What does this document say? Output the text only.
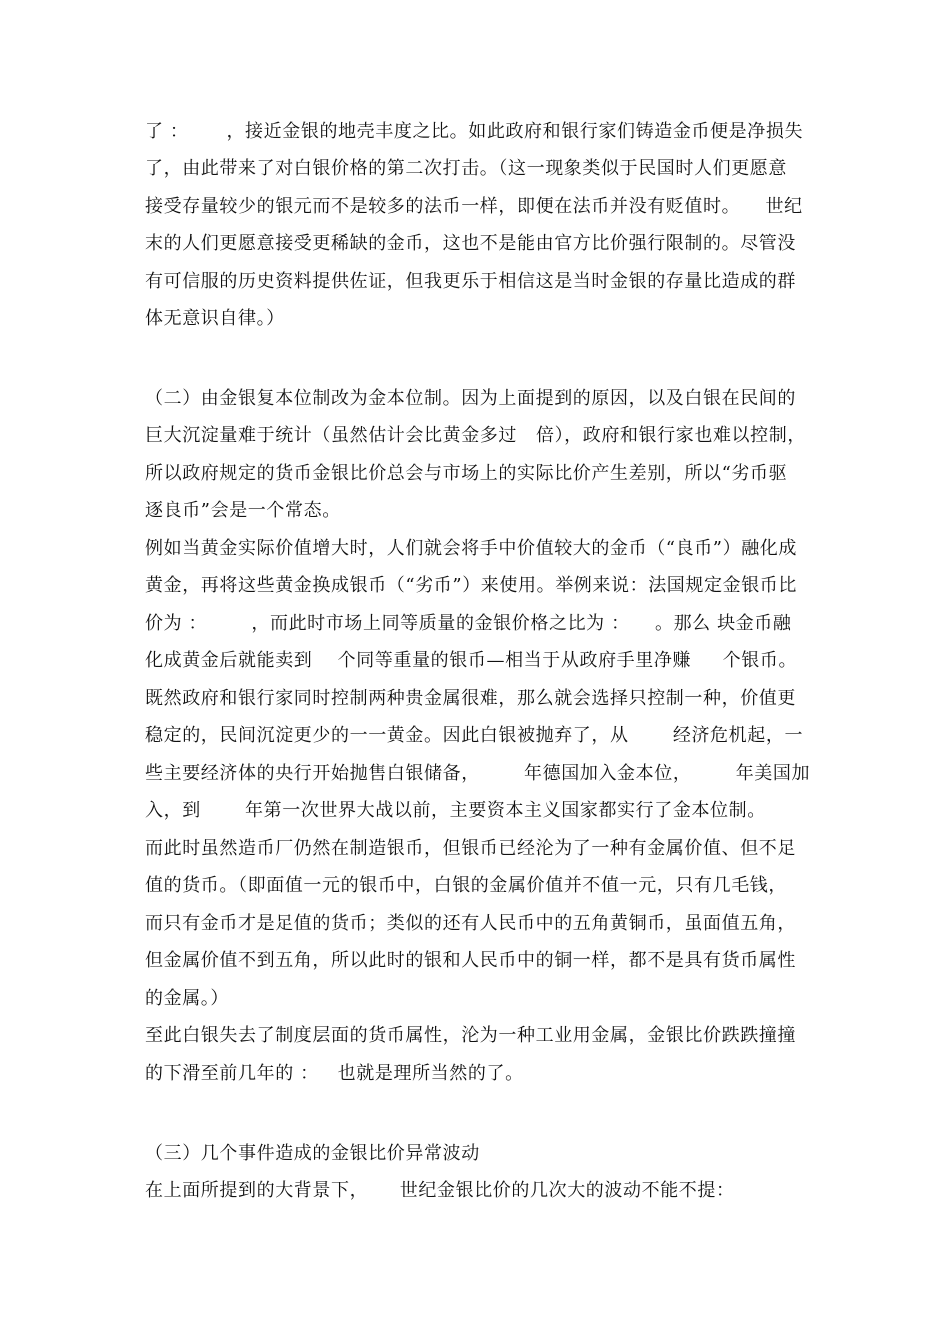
了 ：      ，接近金银的地壳丰度之比。如此政府和银行家们铸造金币便是净损失
了，由此带来了对白银价格的第二次打击。（这一现象类似于民国时人们更愿意
接受存量较少的银元而不是较多的法币一样，即便在法币并没有贬值时。    世纪
末的人们更愿意接受更稀缺的金币，这也不是能由官方比价强行限制的。尽管没
有可信服的历史资料提供佐证，但我更乐于相信这是当时金银的存量比造成的群
体无意识自律。）
（二）由金银复本位制改为金本位制。因为上面提到的原因，以及白银在民间的
巨大沉淀量难于统计（虽然估计会比黄金多过   倍），政府和银行家也难以控制，
所以政府规定的货币金银比价总会与市场上的实际比价产生差别，所以“劣币驱
逐良币”会是一个常态。
例如当黄金实际价值增大时，人们就会将手中价值较大的金币（“良币”）融化成
黄金，再将这些黄金换成银币（“劣币”）来使用。举例来说：法国规定金银币比
价为 ：       ，而此时市场上同等质量的金银价格之比为 ：    。那么 块金币融
化成黄金后就能卖到    个同等重量的银币—相当于从政府手里净赚     个银币。
既然政府和银行家同时控制两种贵金属很难，那么就会选择只控制一种，价值更
稳定的，民间沉淀更少的一一黄金。因此白银被抛弃了，从       经济危机起，一
些主要经济体的央行开始抛售白银储备，       年德国加入金本位，       年美国加
入，到       年第一次世界大战以前，主要资本主义国家都实行了金本位制。
而此时虽然造币厂仍然在制造银币，但银币已经沦为了一种有金属价值、但不足
值的货币。（即面值一元的银币中，白银的金属价值并不值一元，只有几毛钱，
而只有金币才是足值的货币；类似的还有人民币中的五角黄铜币，虽面值五角，
但金属价值不到五角，所以此时的银和人民币中的铜一样，都不是具有货币属性
的金属。）
至此白银失去了制度层面的货币属性，沦为一种工业用金属，金银比价跌跌撞撞
的下滑至前几年的 ：   也就是理所当然的了。
（三）几个事件造成的金银比价异常波动
在上面所提到的大背景下，     世纪金银比价的几次大的波动不能不提：
